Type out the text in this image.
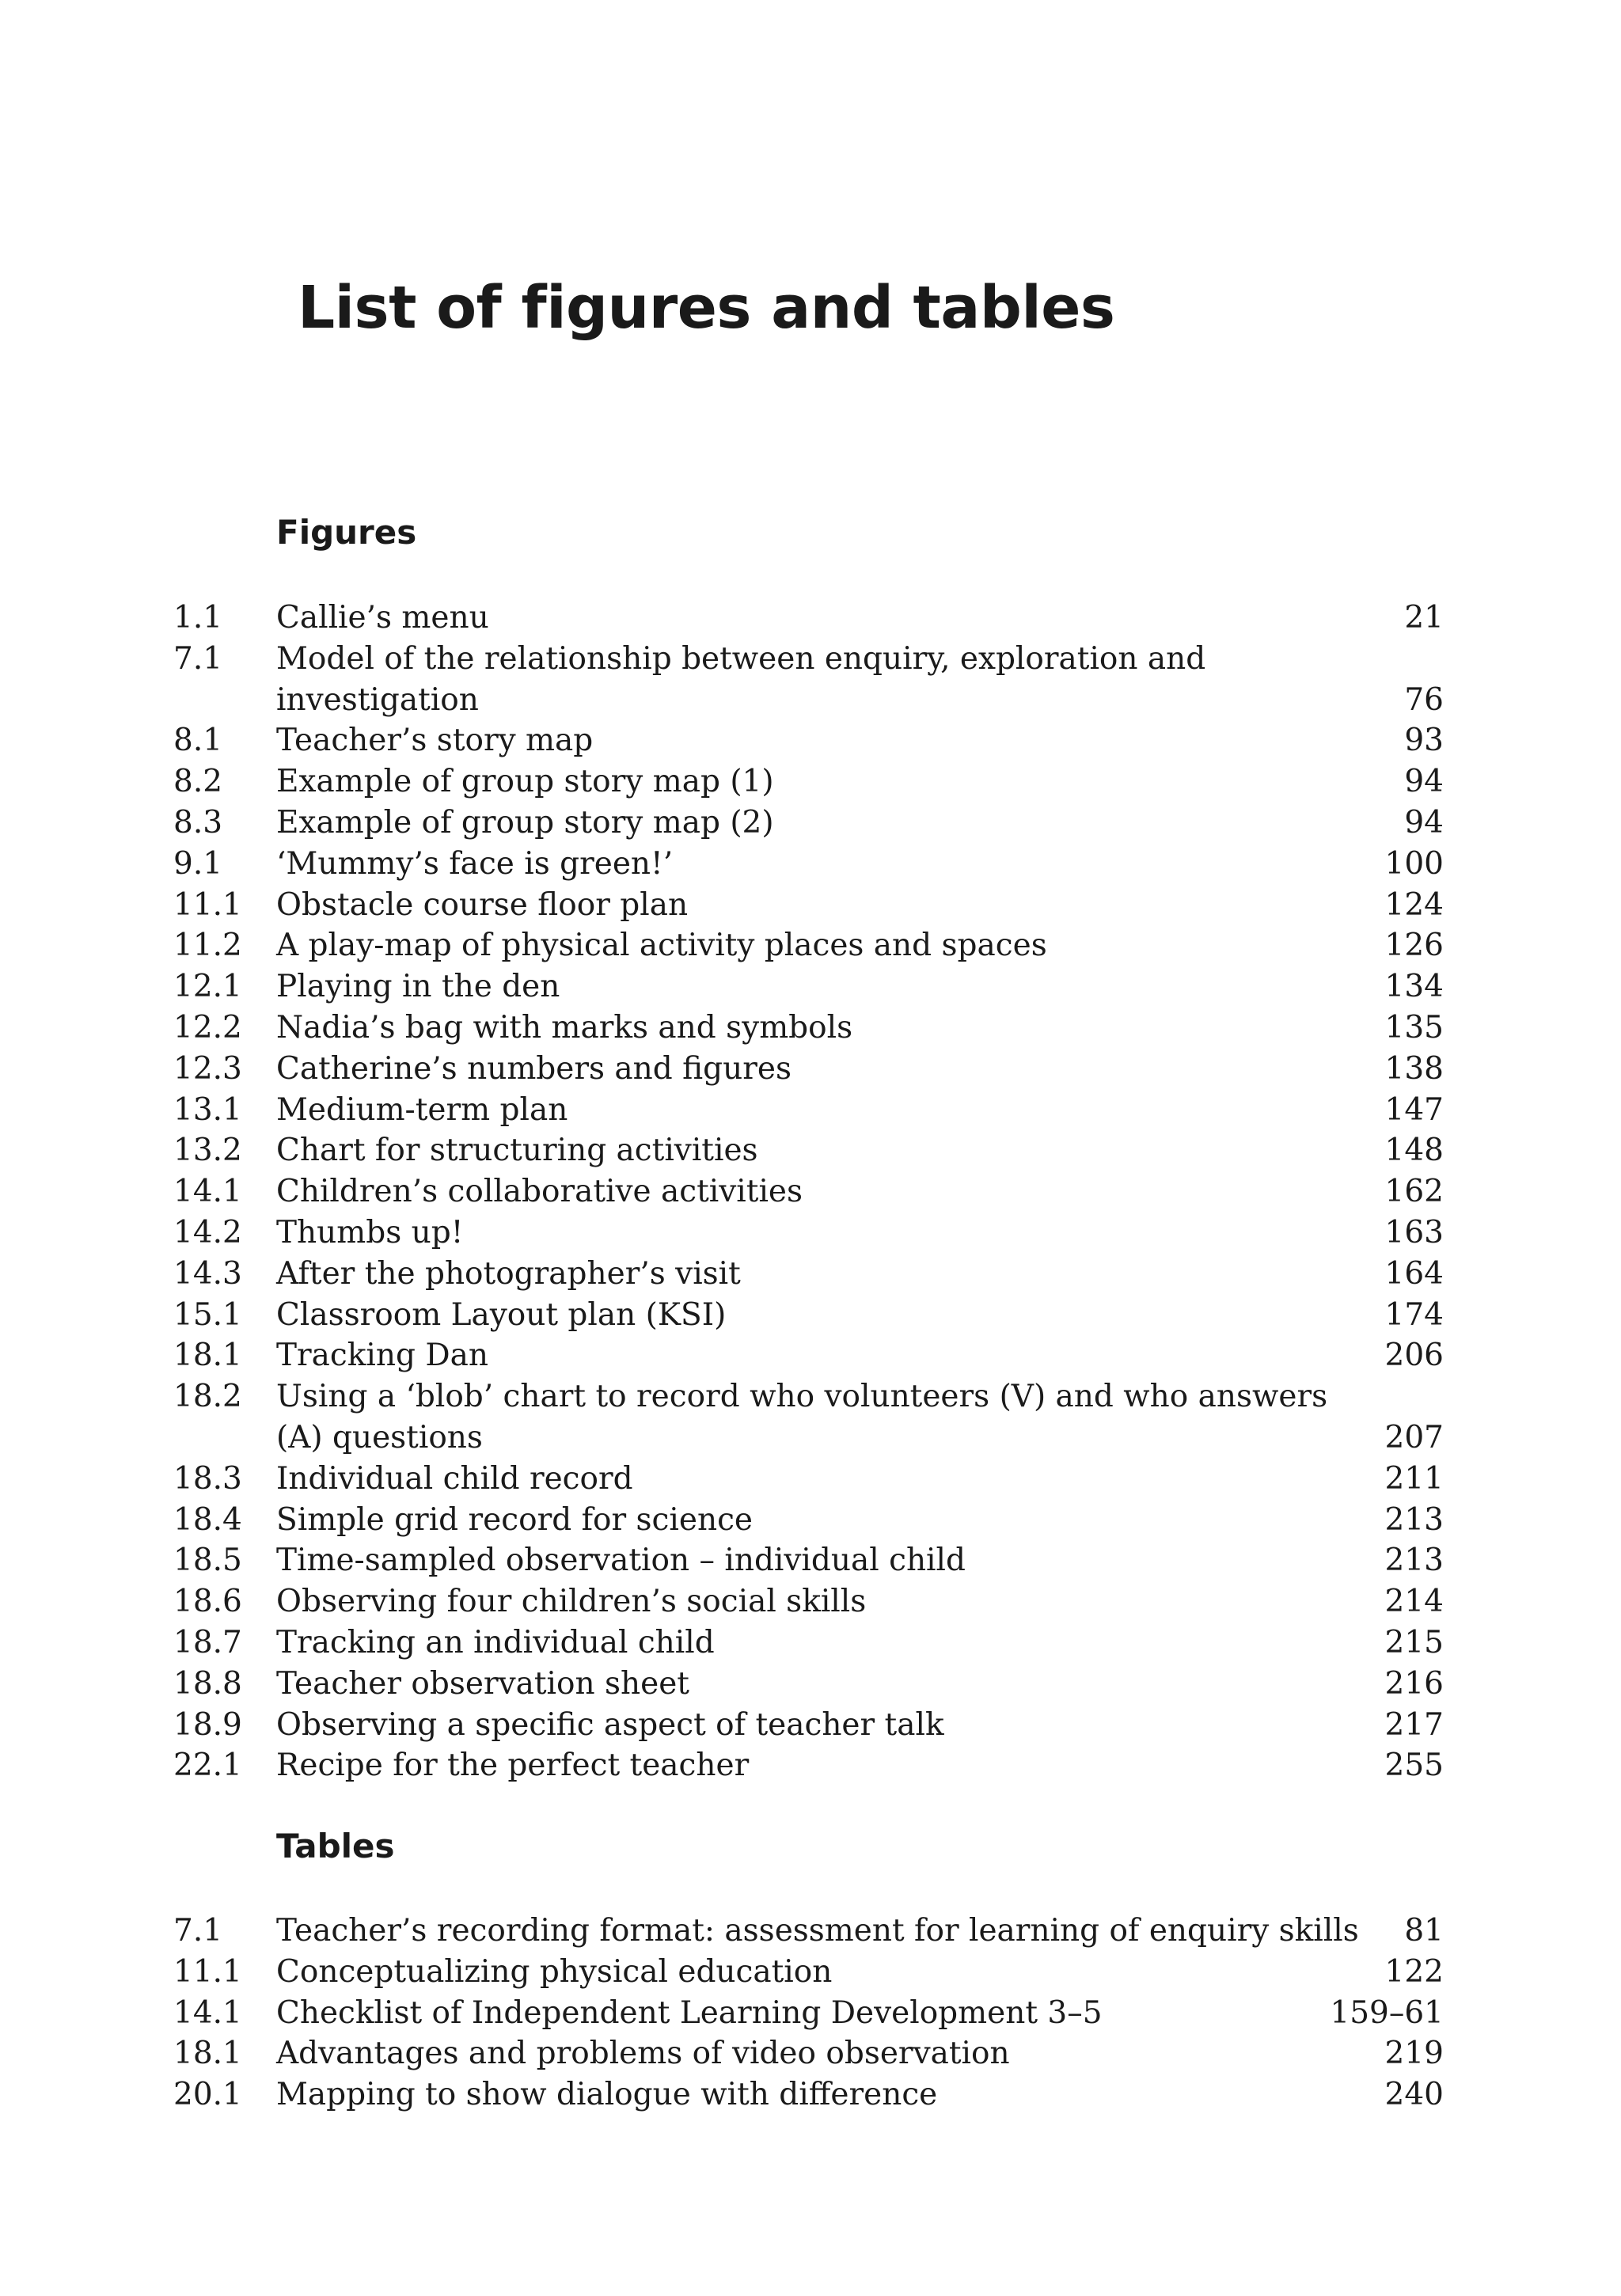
List of figures and tables
Figures
1.1 Callie’s menu	21
7.1 Model of the relationship between enquiry, exploration and investigation	76
8.1 Teacher’s story map	93
8.2 Example of group story map (1)	94
8.3 Example of group story map (2)	94
9.1 ‘Mummy’s face is green!’	100
11.1 Obstacle course floor plan	124
11.2 A play-map of physical activity places and spaces	126
12.1 Playing in the den	134
12.2 Nadia’s bag with marks and symbols	135
12.3 Catherine’s numbers and figures	138
13.1 Medium-term plan	147
13.2 Chart for structuring activities	148
14.1 Children’s collaborative activities	162
14.2 Thumbs up!	163
14.3 After the photographer’s visit	164
15.1 Classroom Layout plan (KSI)	174
18.1 Tracking Dan	206
18.2 Using a ‘blob’ chart to record who volunteers (V) and who answers
(A) questions	207
18.3 Individual child record	211
18.4 Simple grid record for science	213
18.5 Time-sampled observation – individual child	213
18.6 Observing four children’s social skills	214
18.7 Tracking an individual child	215
18.8 Teacher observation sheet	216
18.9 Observing a specific aspect of teacher talk	217
22.1 Recipe for the perfect teacher	255
Tables
7.1 Teacher’s recording format: assessment for learning of enquiry skills	81
11.1 Conceptualizing physical education	122
14.1 Checklist of Independent Learning Development 3–5	159–61
18.1 Advantages and problems of video observation	219
20.1 Mapping to show dialogue with difference	240
